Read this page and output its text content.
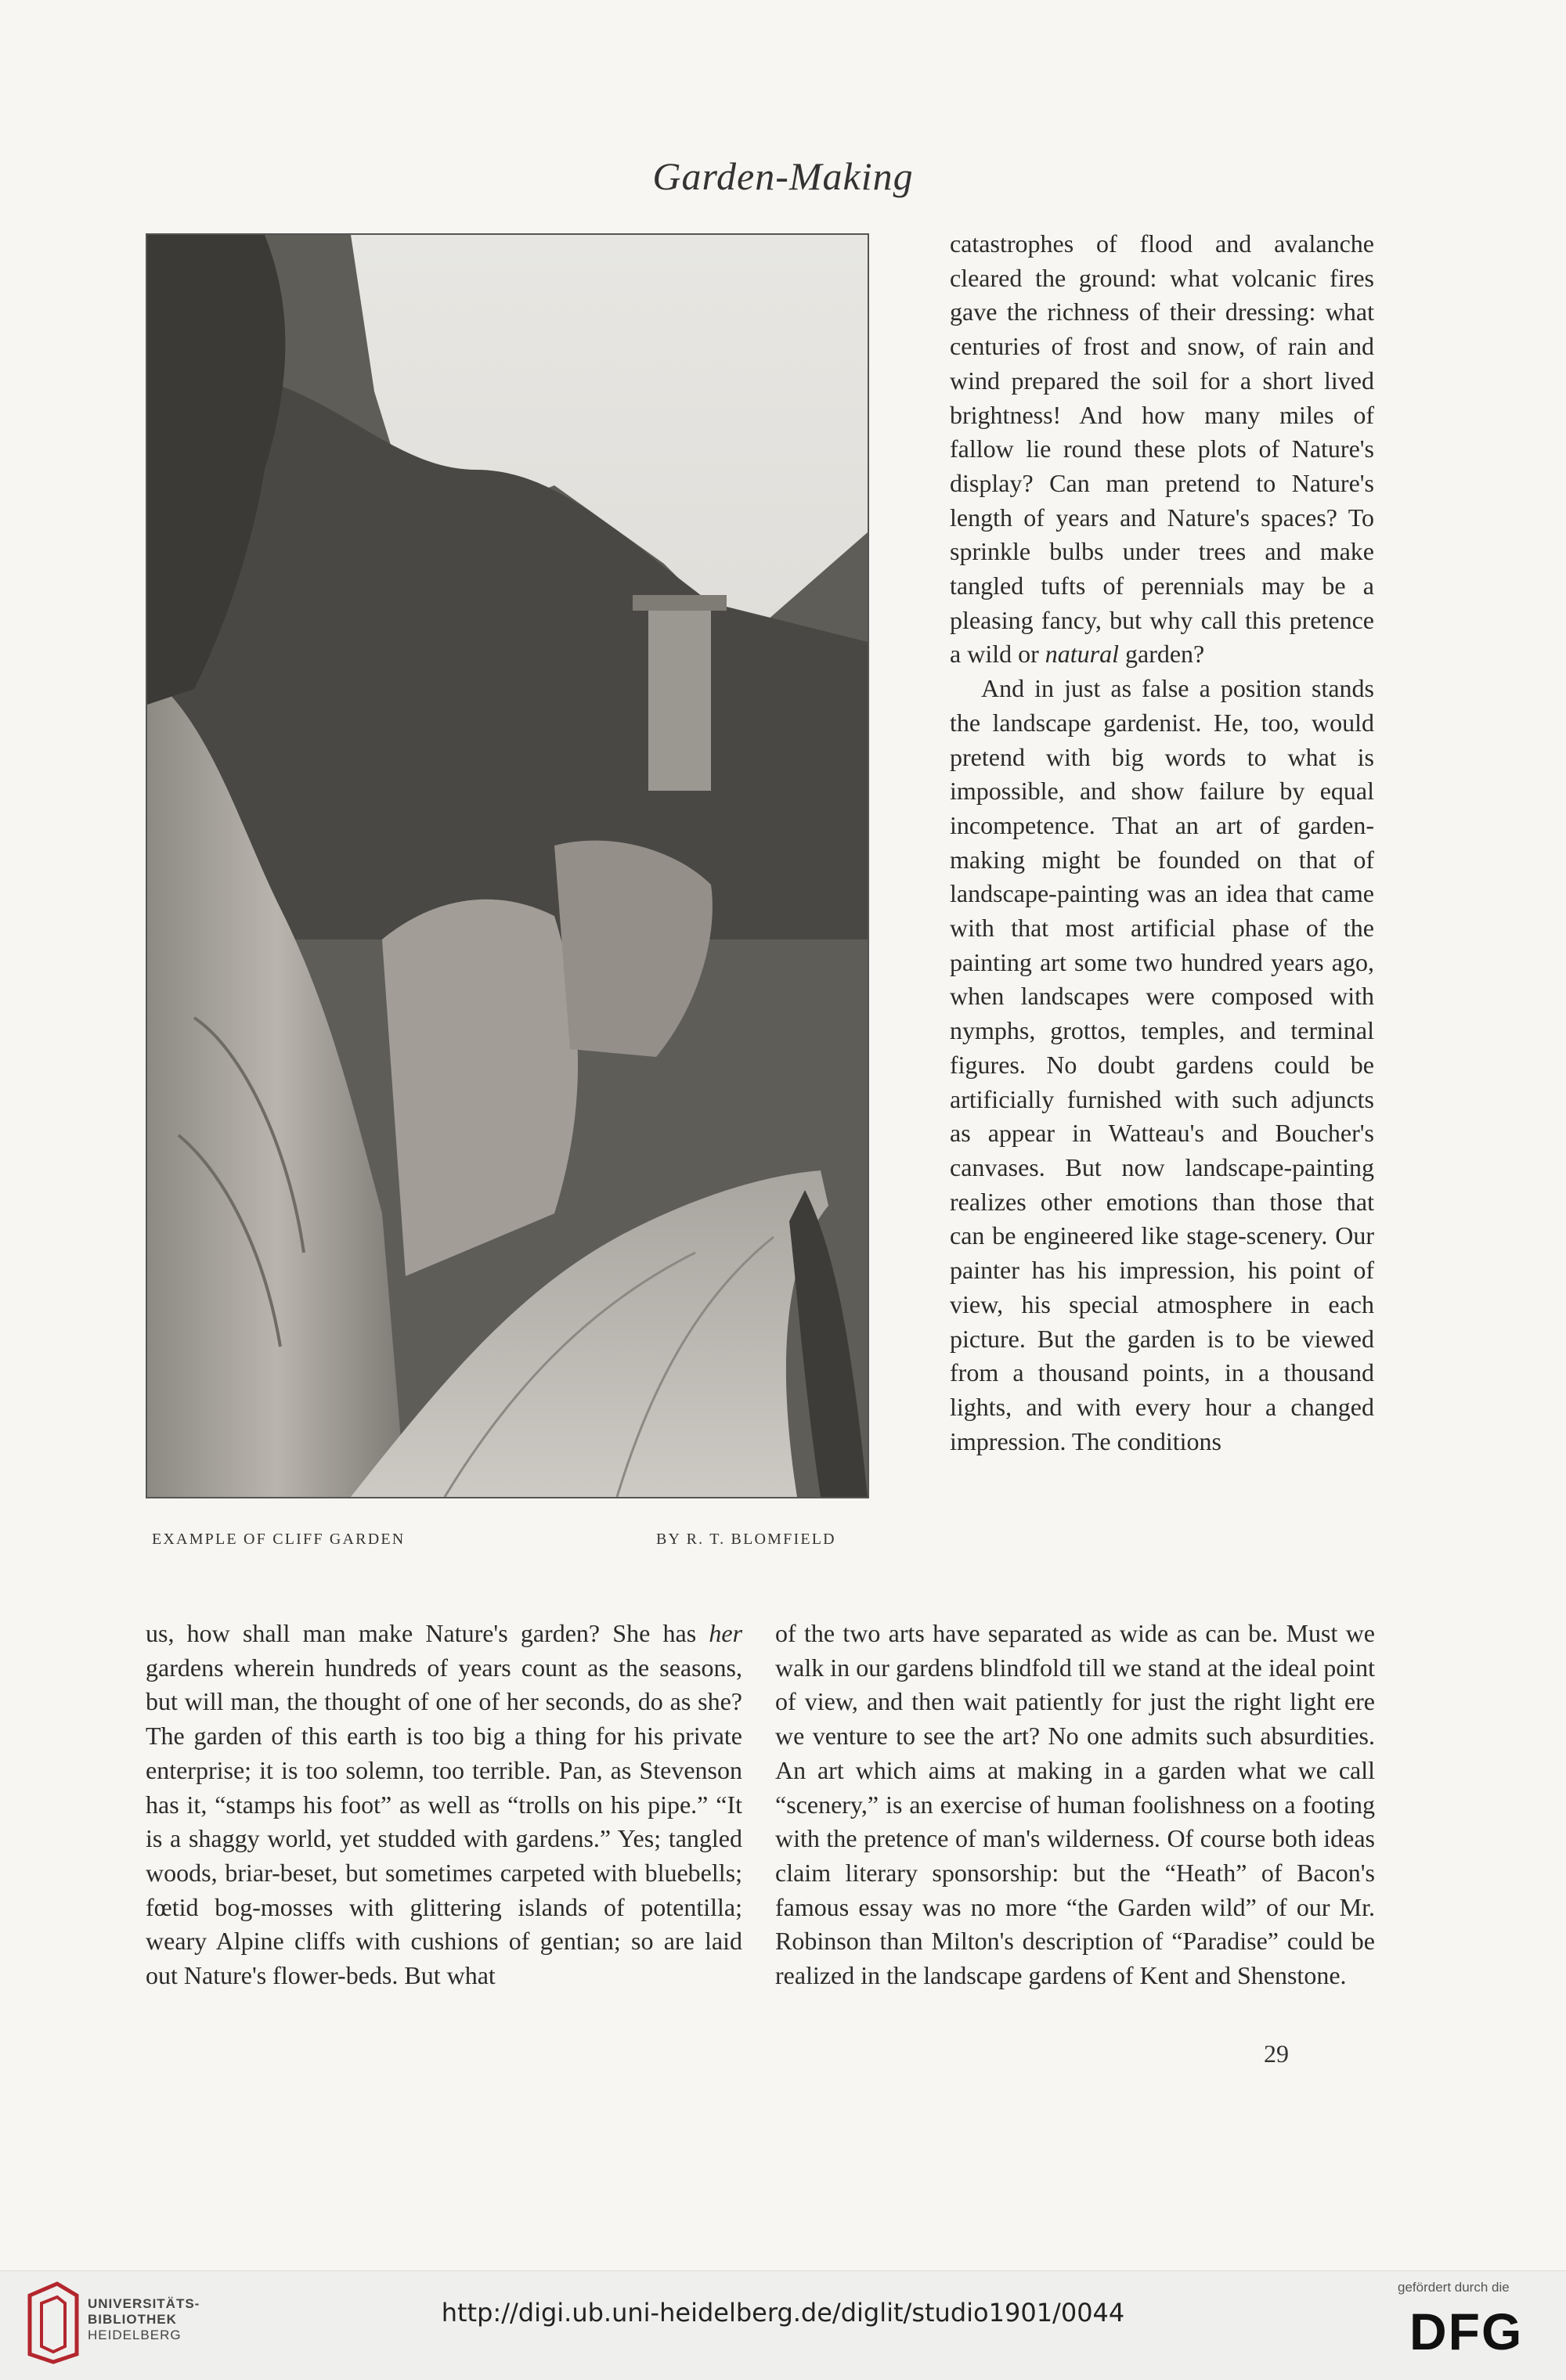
Garden-Making
EXAMPLE OF CLIFF GARDEN	BY R. T. BLOMFIELD

catastrophes of flood and avalanche cleared the ground: what volcanic fires gave the richness of their dressing: what centuries of frost and snow, of rain and wind prepared the soil for a short lived brightness! And how many miles of fallow lie round these plots of Nature's display? Can man pretend to Nature's length of years and Nature's spaces? To sprinkle bulbs under trees and make tangled tufts of perennials may be a pleasing fancy, but why call this pretence a wild or natural garden?

And in just as false a position stands the landscape gardenist. He, too, would pretend with big words to what is impossible, and show failure by equal incompetence. That an art of garden-making might be founded on that of landscape-painting was an idea that came with that most artificial phase of the painting art some two hundred years ago, when landscapes were composed with nymphs, grottos, temples, and terminal figures. No doubt gardens could be artificially furnished with such adjuncts as appear in Watteau's and Boucher's canvases. But now landscape-painting realizes other emotions than those that can be engineered like stage-scenery. Our painter has his impression, his point of view, his special atmosphere in each picture. But the garden is to be viewed from a thousand points, in a thousand lights, and with every hour a changed impression. The conditions

us, how shall man make Nature's garden? She has her gardens wherein hundreds of years count as the seasons, but will man, the thought of one of her seconds, do as she? The garden of this earth is too big a thing for his private enterprise; it is too solemn, too terrible. Pan, as Stevenson has it, “stamps his foot” as well as “trolls on his pipe.” “It is a shaggy world, yet studded with gardens.” Yes; tangled woods, briar-beset, but sometimes carpeted with bluebells; fœtid bog-mosses with glittering islands of potentilla; weary Alpine cliffs with cushions of gentian; so are laid out Nature's flower-beds. But what

of the two arts have separated as wide as can be. Must we walk in our gardens blindfold till we stand at the ideal point of view, and then wait patiently for just the right light ere we venture to see the art? No one admits such absurdities. An art which aims at making in a garden what we call “scenery,” is an exercise of human foolishness on a footing with the pretence of man's wilderness. Of course both ideas claim literary sponsorship: but the “Heath” of Bacon's famous essay was no more “the Garden wild” of our Mr. Robinson than Milton's description of “Paradise” could be realized in the landscape gardens of Kent and Shenstone.

29
UNIVERSITÄTS-
BIBLIOTHEK
HEIDELBERG
http://digi.ub.uni-heidelberg.de/diglit/studio1901/0044
gefördert durch die
DFG
